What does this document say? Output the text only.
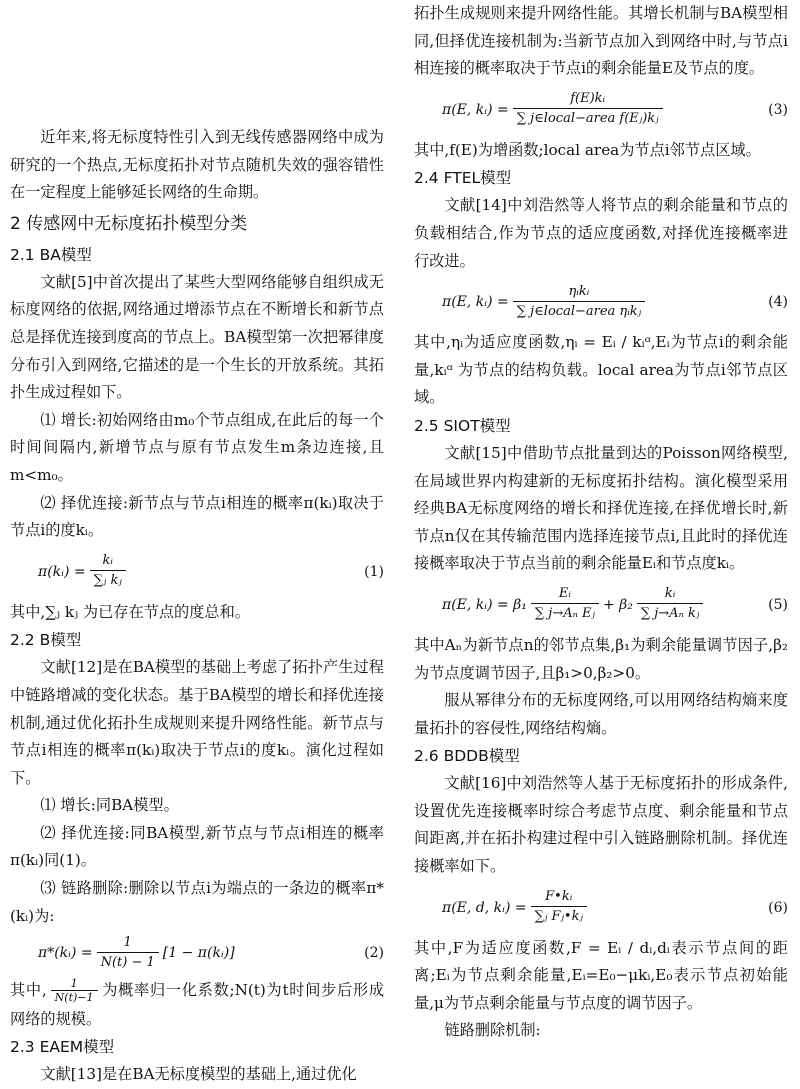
近年来,将无标度特性引入到无线传感器网络中成为研究的一个热点,无标度拓扑对节点随机失效的强容错性在一定程度上能够延长网络的生命期。

2 传感网中无标度拓扑模型分类
2.1 BA模型

文献[5]中首次提出了某些大型网络能够自组织成无标度网络的依据,网络通过增添节点在不断增长和新节点总是择优连接到度高的节点上。BA模型第一次把幂律度分布引入到网络,它描述的是一个生长的开放系统。其拓扑生成过程如下。

⑴ 增长:初始网络由m₀个节点组成,在此后的每一个时间间隔内,新增节点与原有节点发生m条边连接,且m<m₀。

⑵ 择优连接:新节点与节点i相连的概率π(kᵢ)取决于节点i的度kᵢ。

π(kᵢ) = $\frac{\text{kᵢ}}{\text{∑ⱼ kⱼ}}$	(1)

其中,∑ⱼ kⱼ 为已存在节点的度总和。

2.2 B模型

文献[12]是在BA模型的基础上考虑了拓扑产生过程中链路增减的变化状态。基于BA模型的增长和择优连接机制,通过优化拓扑生成规则来提升网络性能。新节点与节点i相连的概率π(kᵢ)取决于节点i的度kᵢ。演化过程如下。

⑴ 增长:同BA模型。

⑵ 择优连接:同BA模型,新节点与节点i相连的概率π(kᵢ)同(1)。

⑶ 链路删除:删除以节点i为端点的一条边的概率π*(kᵢ)为:

π*(kᵢ) = $\frac{1}{N(t) - 1} [1$ − π(kᵢ)]	(2)

其中, $\frac{1}{N(t)-1}$ 为概率归一化系数;N(t)为t时间步后形成网络的规模。

2.3 EAEM模型

文献[13]是在BA无标度模型的基础上,通过优化

拓扑生成规则来提升网络性能。其增长机制与BA模型相同,但择优连接机制为:当新节点加入到网络中时,与节点i相连接的概率取决于节点i的剩余能量E及节点的度。

π(E, kᵢ) = $\frac{\text{f(E)kᵢ}}{\text{∑ j∈local−area f(Eⱼ)kⱼ}}$	(3)

其中,f(E)为增函数;local area为节点i邻节点区域。

2.4 FTEL模型

文献[14]中刘浩然等人将节点的剩余能量和节点的负载相结合,作为节点的适应度函数,对择优连接概率进行改进。

π(E, kᵢ) = $\frac{\text{ηᵢkᵢ}}{\text{∑ j∈local−area ηᵢkⱼ}}$	(4)

其中,ηᵢ为适应度函数,ηᵢ = Eᵢ / kᵢᵅ,Eᵢ为节点i的剩余能量,kᵢᵅ 为节点的结构负载。local area为节点i邻节点区域。

2.5 SIOT模型

文献[15]中借助节点批量到达的Poisson网络模型,在局域世界内构建新的无标度拓扑结构。演化模型采用经典BA无标度网络的增长和择优连接,在择优增长时,新节点n仅在其传输范围内选择连接节点i,且此时的择优连接概率取决于节点当前的剩余能量Eᵢ和节点度kᵢ。

π(E, kᵢ) = $\beta_1 \frac{\text{Eᵢ}}{\text{∑ j→Aₙ Eⱼ}} + \beta_2 \frac{\text{kᵢ}}{\text{∑ j→Aₙ kⱼ}}$	(5)

其中Aₙ为新节点n的邻节点集,β₁为剩余能量调节因子,β₂为节点度调节因子,且β₁>0,β₂>0。

服从幂律分布的无标度网络,可以用网络结构熵来度量拓扑的容侵性,网络结构熵。

2.6 BDDB模型

文献[16]中刘浩然等人基于无标度拓扑的形成条件,设置优先连接概率时综合考虑节点度、剩余能量和节点间距离,并在拓扑构建过程中引入链路删除机制。择优连接概率如下。

π(E, d, kᵢ) = $\frac{\text{F•kᵢ}}{\text{∑ⱼ Fⱼ•kⱼ}}$	(6)

其中,F为适应度函数,F = Eᵢ / dᵢ,dᵢ表示节点间的距离;Eᵢ为节点剩余能量,Eᵢ=E₀−μkᵢ,E₀表示节点初始能量,μ为节点剩余能量与节点度的调节因子。

链路删除机制:
